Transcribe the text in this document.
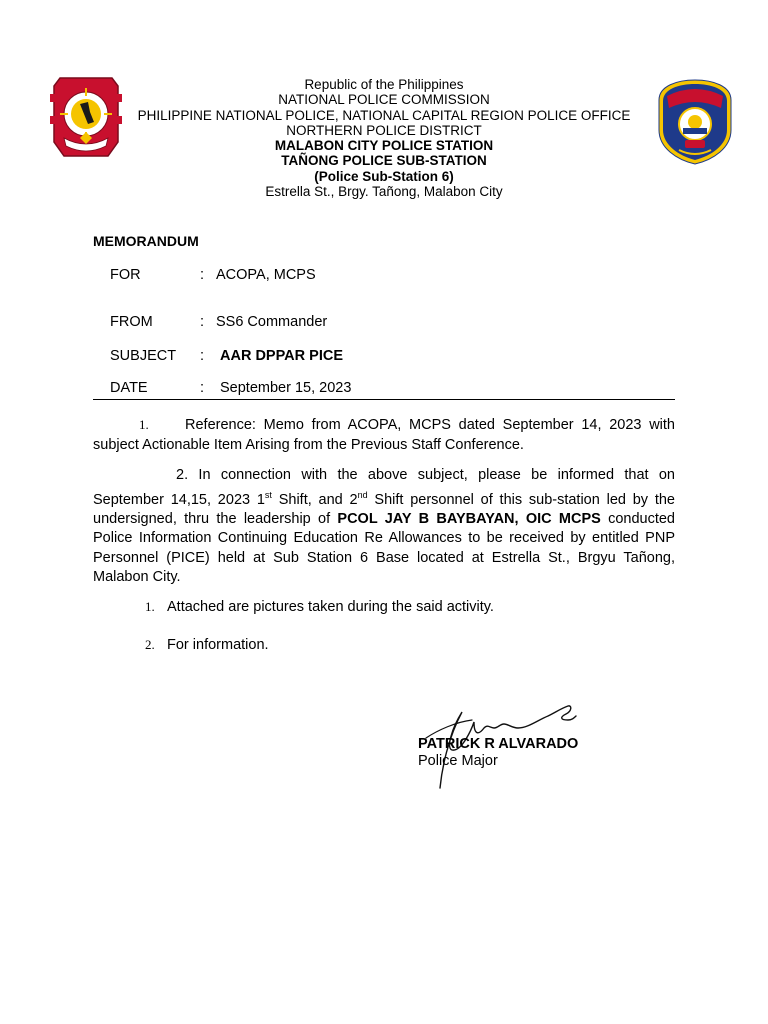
Republic of the Philippines
NATIONAL POLICE COMMISSION
PHILIPPINE NATIONAL POLICE, NATIONAL CAPITAL REGION POLICE OFFICE
NORTHERN POLICE DISTRICT
MALABON CITY POLICE STATION
TAÑONG POLICE SUB-STATION
(Police Sub-Station 6)
Estrella St., Brgy. Tañong, Malabon City
MEMORANDUM
FOR	: ACOPA, MCPS
FROM	: SS6 Commander
SUBJECT : AAR DPPAR PICE
DATE	: September 15, 2023
1.	Reference: Memo from ACOPA, MCPS dated September 14, 2023 with subject Actionable Item Arising from the Previous Staff Conference.
2. In connection with the above subject, please be informed that on September 14,15, 2023 1st Shift, and 2nd Shift personnel of this sub-station led by the undersigned, thru the leadership of PCOL JAY B BAYBAYAN, OIC MCPS conducted Police Information Continuing Education Re Allowances to be received by entitled PNP Personnel (PICE) held at Sub Station 6 Base located at Estrella St., Brgyu Tañong, Malabon City.
1. Attached are pictures taken during the said activity.
2. For information.
PATRICK R ALVARADO
Police Major
